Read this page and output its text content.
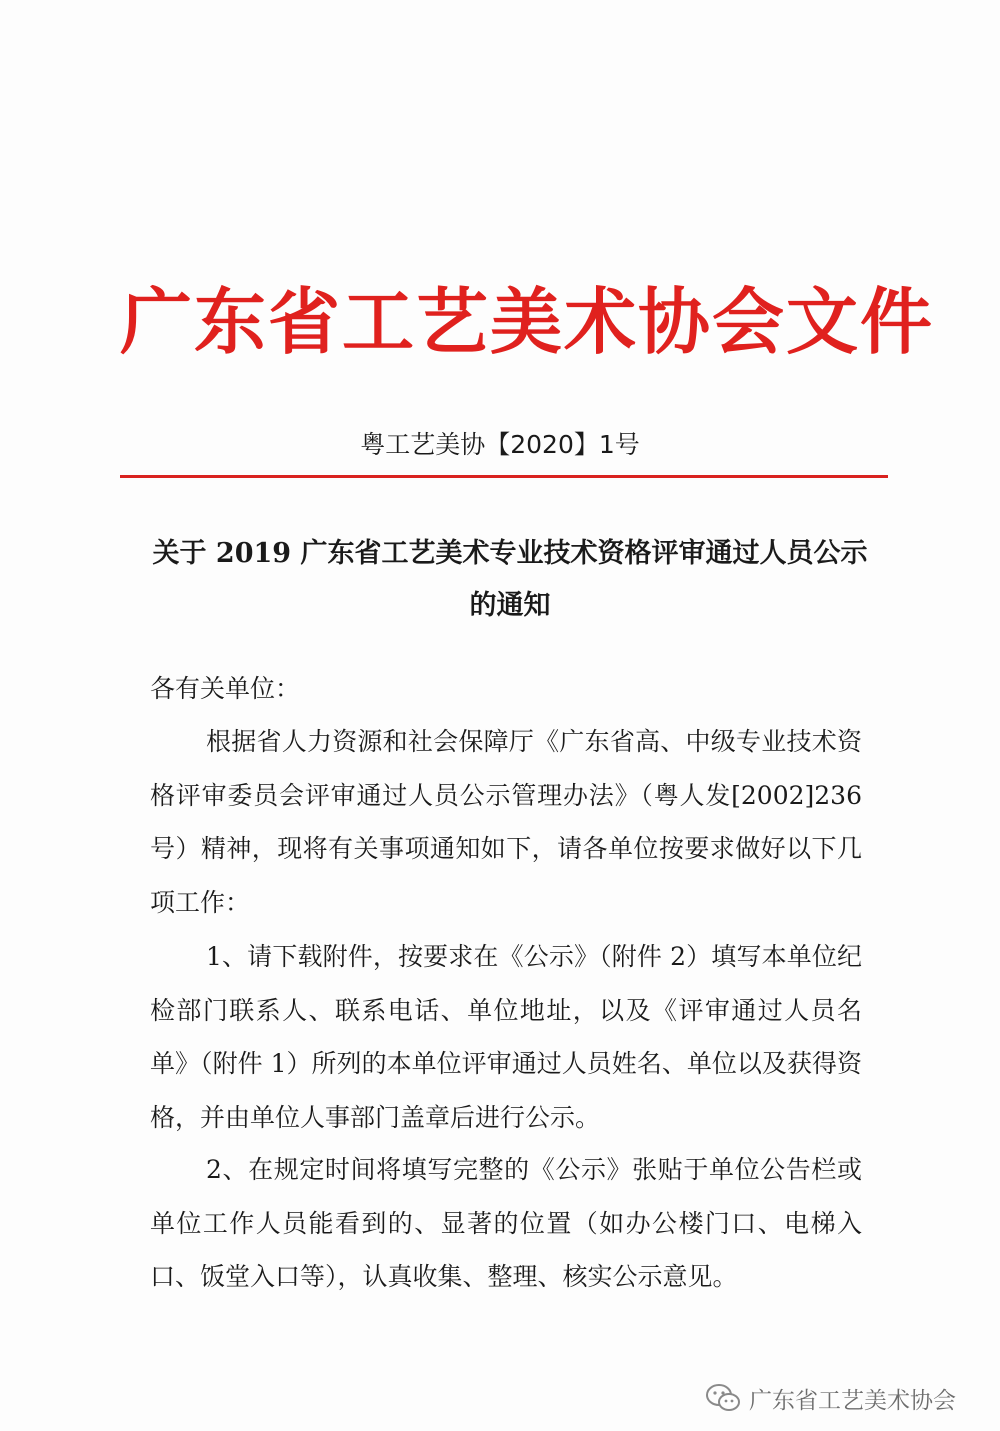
广东省工艺美术协会文件
粤工艺美协【2020】1号
关于 2019 广东省工艺美术专业技术资格评审通过人员公示的通知
各有关单位：
根据省人力资源和社会保障厅《广东省高、中级专业技术资格评审委员会评审通过人员公示管理办法》（粤人发[2002]236 号）精神，现将有关事项通知如下，请各单位按要求做好以下几项工作：
1、请下载附件，按要求在《公示》（附件 2）填写本单位纪检部门联系人、联系电话、单位地址，以及《评审通过人员名单》（附件 1）所列的本单位评审通过人员姓名、单位以及获得资格，并由单位人事部门盖章后进行公示。
2、在规定时间将填写完整的《公示》张贴于单位公告栏或单位工作人员能看到的、显著的位置（如办公楼门口、电梯入口、饭堂入口等），认真收集、整理、核实公示意见。
广东省工艺美术协会
